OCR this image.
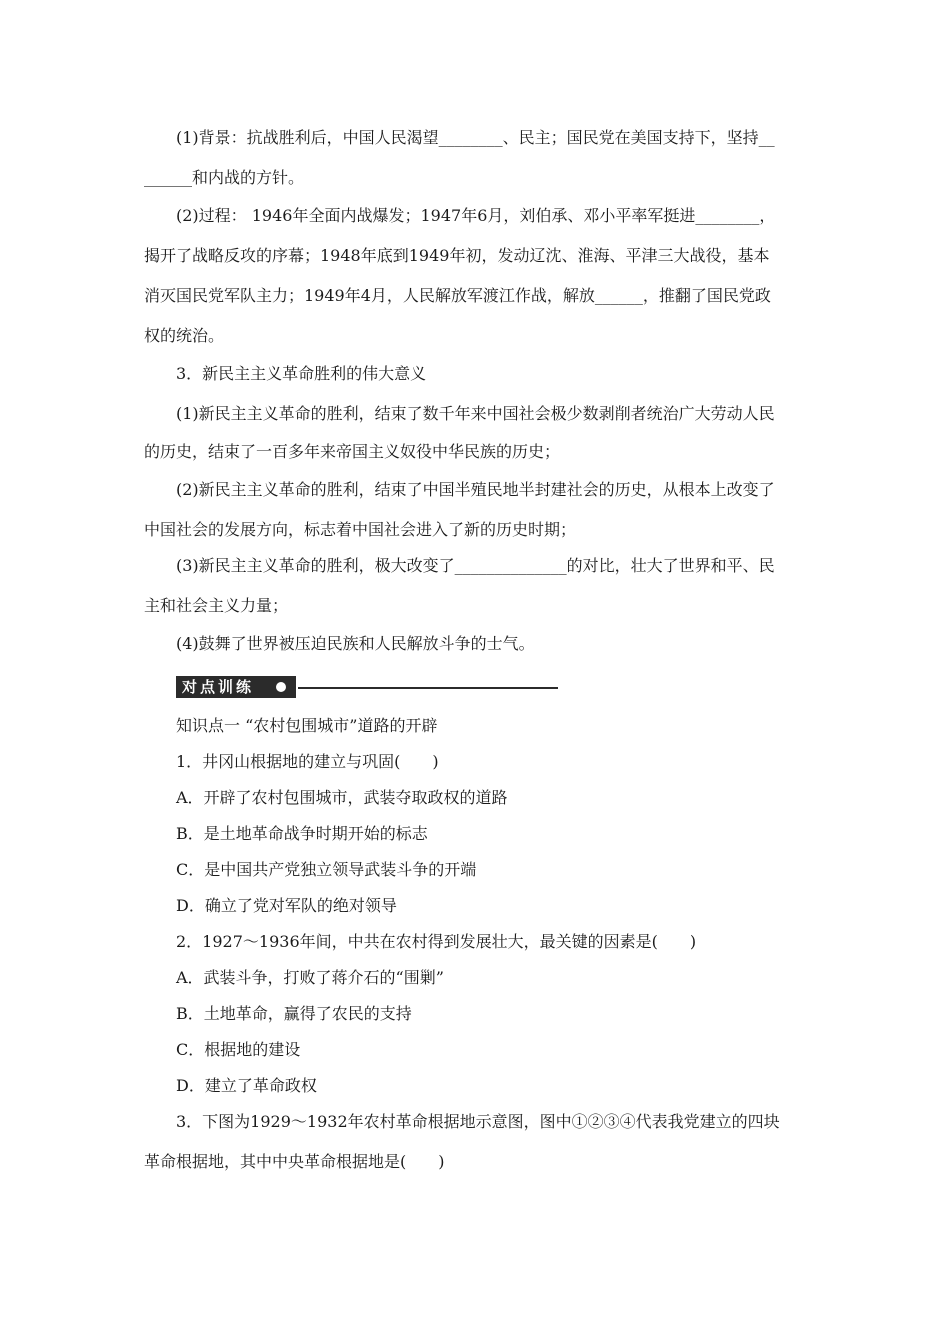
(1)背景：抗战胜利后，中国人民渴望________、民主；国民党在美国支持下，坚持__
______和内战的方针。
(2)过程： 1946年全面内战爆发；1947年6月，刘伯承、邓小平率军挺进________，
揭开了战略反攻的序幕；1948年底到1949年初，发动辽沈、淮海、平津三大战役，基本
消灭国民党军队主力；1949年4月，人民解放军渡江作战，解放______，推翻了国民党政
权的统治。
3．新民主主义革命胜利的伟大意义
(1)新民主主义革命的胜利，结束了数千年来中国社会极少数剥削者统治广大劳动人民
的历史，结束了一百多年来帝国主义奴役中华民族的历史；
(2)新民主主义革命的胜利，结束了中国半殖民地半封建社会的历史，从根本上改变了
中国社会的发展方向，标志着中国社会进入了新的历史时期；
(3)新民主主义革命的胜利，极大改变了______________的对比，壮大了世界和平、民
主和社会主义力量；
(4)鼓舞了世界被压迫民族和人民解放斗争的士气。
对点训练
知识点一 “农村包围城市”道路的开辟
1．井冈山根据地的建立与巩固(　　)
A．开辟了农村包围城市，武装夺取政权的道路
B．是土地革命战争时期开始的标志
C．是中国共产党独立领导武装斗争的开端
D．确立了党对军队的绝对领导
2．1927～1936年间，中共在农村得到发展壮大，最关键的因素是(　　)
A．武装斗争，打败了蒋介石的“围剿”
B．土地革命，赢得了农民的支持
C．根据地的建设
D．建立了革命政权
3．下图为1929～1932年农村革命根据地示意图，图中①②③④代表我党建立的四块
革命根据地，其中中央革命根据地是(　　)
